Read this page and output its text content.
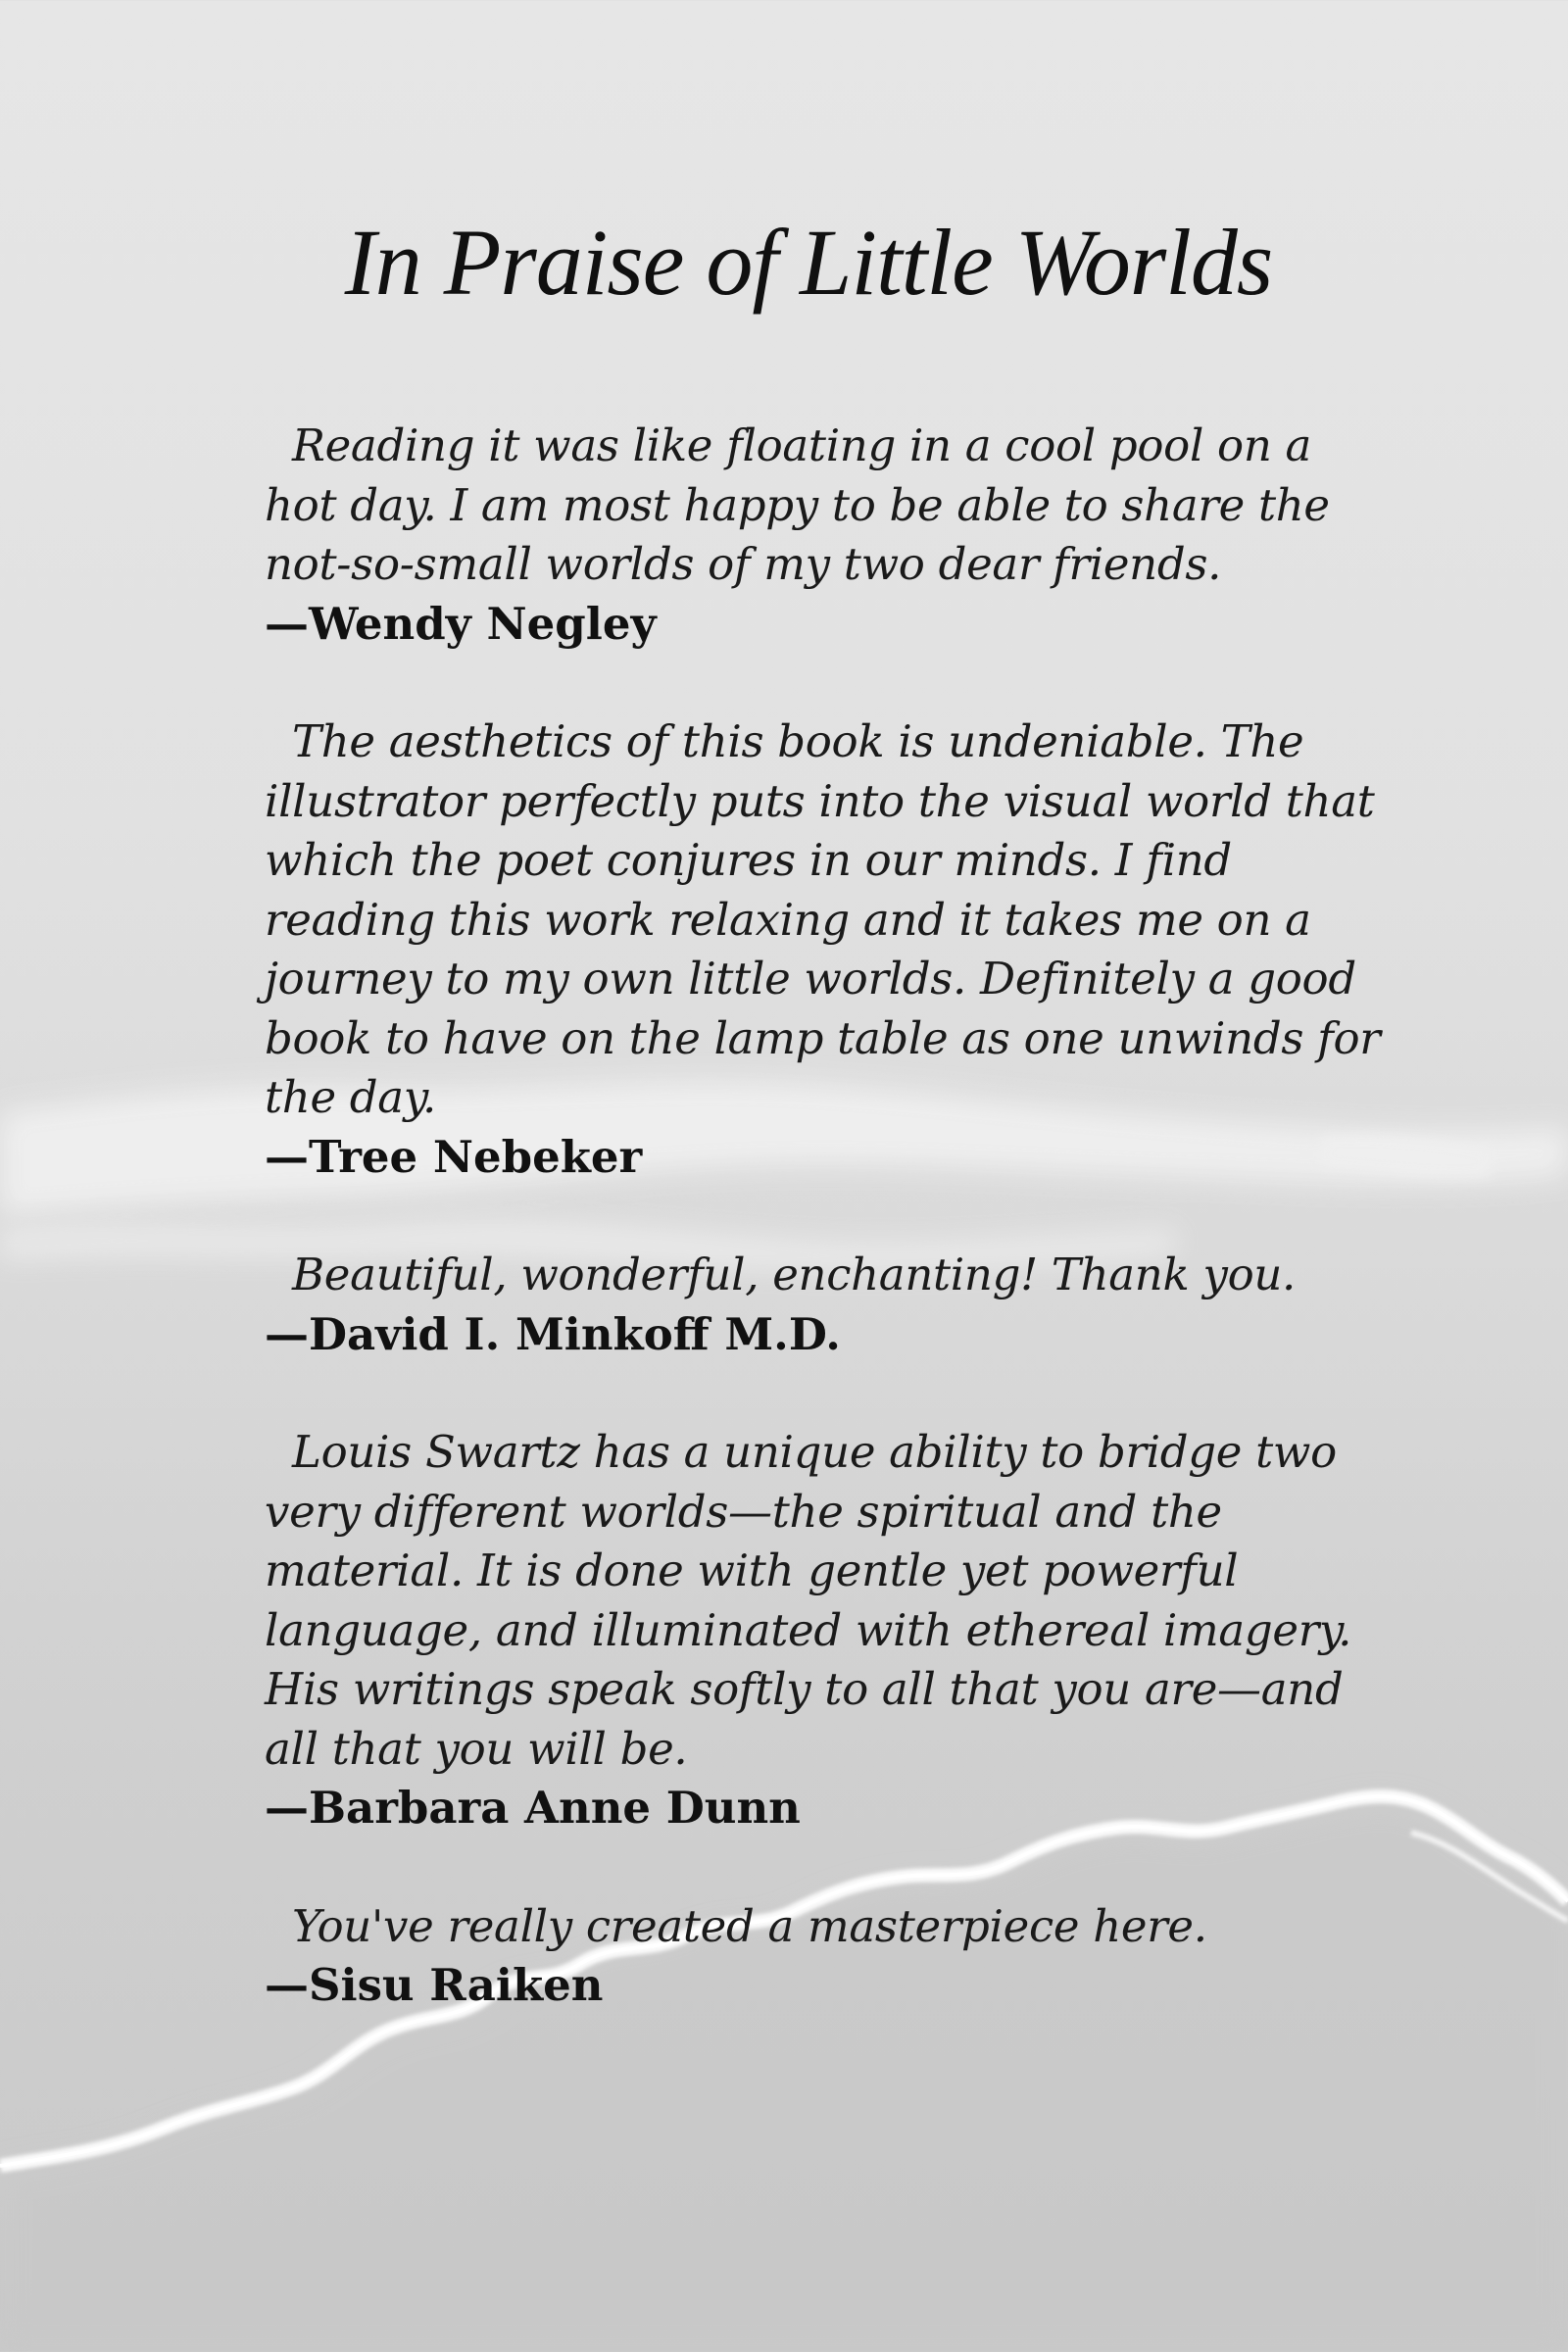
In Praise of Little Worlds

Reading it was like floating in a cool pool on a hot day. I am most happy to be able to share the not-so-small worlds of my two dear friends.

—Wendy Negley

The aesthetics of this book is undeniable. The illustrator perfectly puts into the visual world that which the poet conjures in our minds. I find reading this work relaxing and it takes me on a journey to my own little worlds. Definitely a good book to have on the lamp table as one unwinds for the day.

—Tree Nebeker

Beautiful, wonderful, enchanting! Thank you.

—David I. Minkoff M.D.

Louis Swartz has a unique ability to bridge two very different worlds—the spiritual and the material. It is done with gentle yet powerful language, and illuminated with ethereal imagery. His writings speak softly to all that you are—and all that you will be.

—Barbara Anne Dunn

You've really created a masterpiece here.

—Sisu Raiken
